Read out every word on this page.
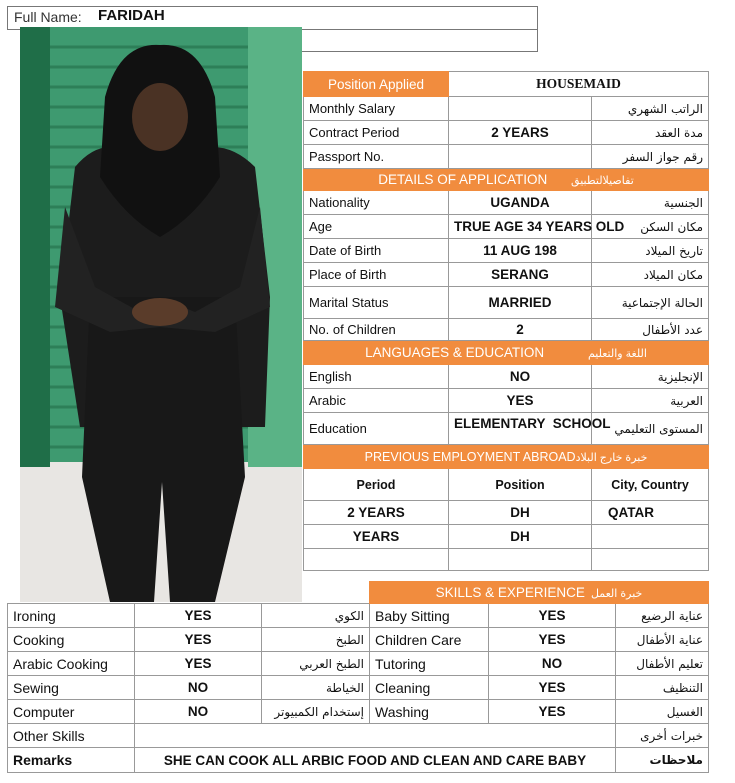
Full Name: FARIDAH
Position Applied	HOUSEMAID	
Monthly Salary		الراتب الشهري
Contract Period	2 YEARS	مدة العقد
Passport No.		رقم جواز السفر
DETAILS OF APPLICATION تفاصيلالتطبيق		
Nationality	UGANDA	الجنسية
Age	TRUE AGE 34 YEARS OLD	مكان السكن
Date of Birth	11 AUG 198	تاريخ الميلاد
Place of Birth	SERANG	مكان الميلاد
Marital Status	MARRIED	الحالة الإجتماعية
No. of Children	2	عدد الأطفال
LANGUAGES & EDUCATION اللغة والتعليم		
English	NO	الإنجليزية
Arabic	YES	العربية
Education	ELEMENTARY  SCHOOL	المستوى التعليمي
PREVIOUS EMPLOYMENT ABROADخبرة خارج البلاد		
Period	Position	City, Country
2 YEARS	DH	QATAR
YEARS	DH	

			SKILLS & EXPERIENCE خبرة العمل		
Ironing	YES	الكوي	Baby Sitting	YES	عناية الرضيع
Cooking	YES	الطبخ	Children Care	YES	عناية الأطفال
Arabic Cooking	YES	الطبخ العربي	Tutoring	NO	تعليم الأطفال
Sewing	NO	الخياطة	Cleaning	YES	التنظيف
Computer	NO	إستخدام الكمبيوتر	Washing	YES	الغسيل
Other Skills					خبرات أخرى
Remarks	SHE CAN COOK ALL ARBIC FOOD AND CLEAN AND CARE BABY				ملاحظات
